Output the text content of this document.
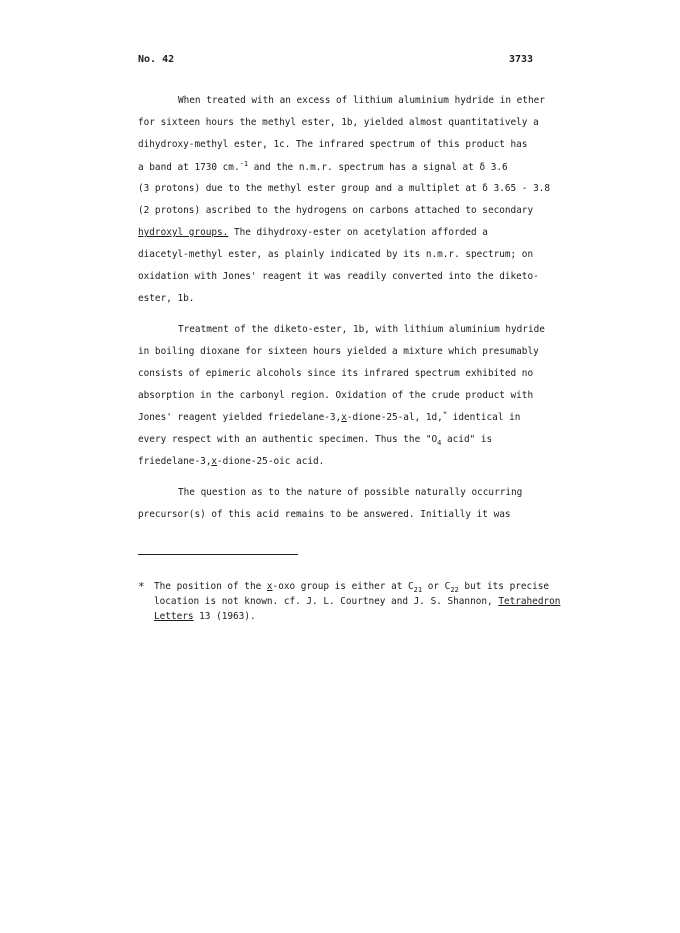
No. 42	3733
When treated with an excess of lithium aluminium hydride in ether
for sixteen hours the methyl ester, 1b, yielded almost quantitatively a
dihydroxy-methyl ester, 1c. The infrared spectrum of this product has
a band at 1730 cm.$^{-1}$ and the n.m.r. spectrum has a signal at δ 3.6
(3 protons) due to the methyl ester group and a multiplet at δ 3.65 - 3.8
(2 protons) ascribed to the hydrogens on carbons attached to secondary
hydroxyl groups. The dihydroxy-ester on acetylation afforded a
diacetyl-methyl ester, as plainly indicated by its n.m.r. spectrum; on
oxidation with Jones' reagent it was readily converted into the diketo-
ester, 1b.
Treatment of the diketo-ester, 1b, with lithium aluminium hydride
in boiling dioxane for sixteen hours yielded a mixture which presumably
consists of epimeric alcohols since its infrared spectrum exhibited no
absorption in the carbonyl region. Oxidation of the crude product with
Jones' reagent yielded friedelane-3,x-dione-25-al, 1d,* identical in
every respect with an authentic specimen. Thus the "$O_4$ acid" is
friedelane-3,x-dione-25-oic acid.
The question as to the nature of possible naturally occurring
precursor(s) of this acid remains to be answered. Initially it was
* The position of the x-oxo group is either at $C_{21}$ or $C_{22}$ but its precise
location is not known. cf. J. L. Courtney and J. S. Shannon, Tetrahedron
Letters 13 (1963).
